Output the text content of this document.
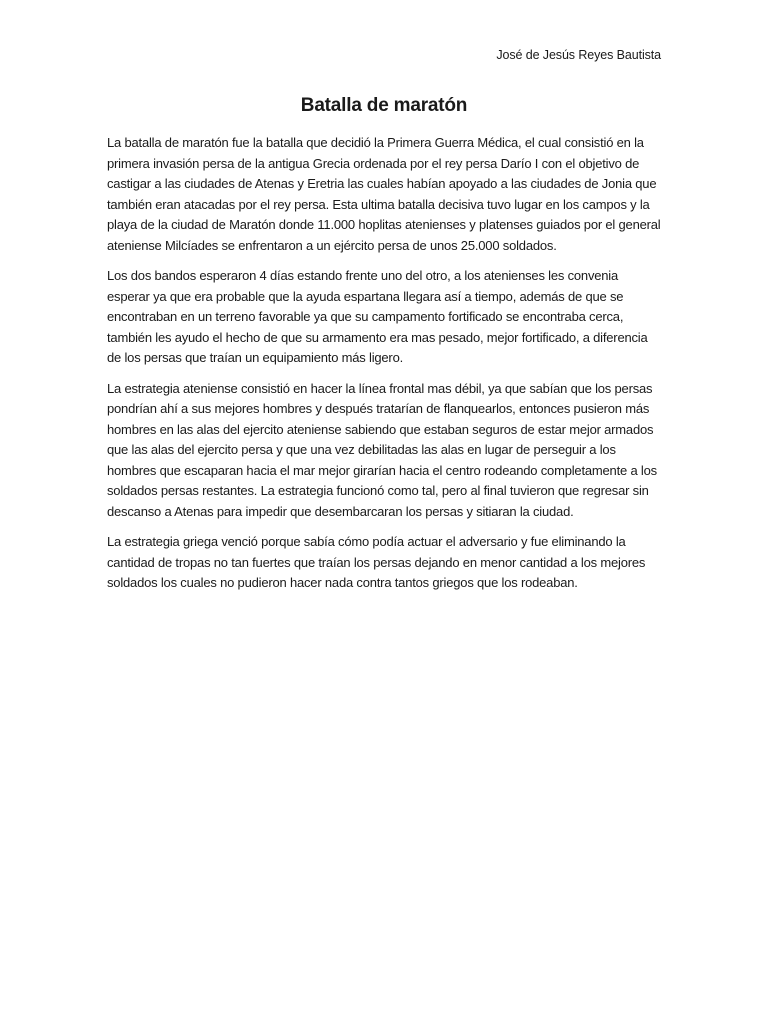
José de Jesús Reyes Bautista
Batalla de maratón

La batalla de maratón fue la batalla que decidió la Primera Guerra Médica, el cual consistió en la primera invasión persa de la antigua Grecia ordenada por el rey persa Darío I con el objetivo de castigar a las ciudades de Atenas y Eretria las cuales habían apoyado a las ciudades de Jonia que también eran atacadas por el rey persa. Esta ultima batalla decisiva tuvo lugar en los campos y la playa de la ciudad de Maratón donde 11.000 hoplitas atenienses y platenses guiados por el general ateniense Milcíades se enfrentaron a un ejército persa de unos 25.000 soldados.

Los dos bandos esperaron 4 días estando frente uno del otro, a los atenienses les convenia esperar ya que era probable que la ayuda espartana llegara así a tiempo, además de que se encontraban en un terreno favorable ya que su campamento fortificado se encontraba cerca, también les ayudo el hecho de que su armamento era mas pesado, mejor fortificado, a diferencia de los persas que traían un equipamiento más ligero.

La estrategia ateniense consistió en hacer la línea frontal mas débil, ya que sabían que los persas pondrían ahí a sus mejores hombres y después tratarían de flanquearlos, entonces pusieron más hombres en las alas del ejercito ateniense sabiendo que estaban seguros de estar mejor armados que las alas del ejercito persa y que una vez debilitadas las alas en lugar de perseguir a los hombres que escaparan hacia el mar mejor girarían hacia el centro rodeando completamente a los soldados persas restantes. La estrategia funcionó como tal, pero al final tuvieron que regresar sin descanso a Atenas para impedir que desembarcaran los persas y sitiaran la ciudad.

La estrategia griega venció porque sabía cómo podía actuar el adversario y fue eliminando la cantidad de tropas no tan fuertes que traían los persas dejando en menor cantidad a los mejores soldados los cuales no pudieron hacer nada contra tantos griegos que los rodeaban.
